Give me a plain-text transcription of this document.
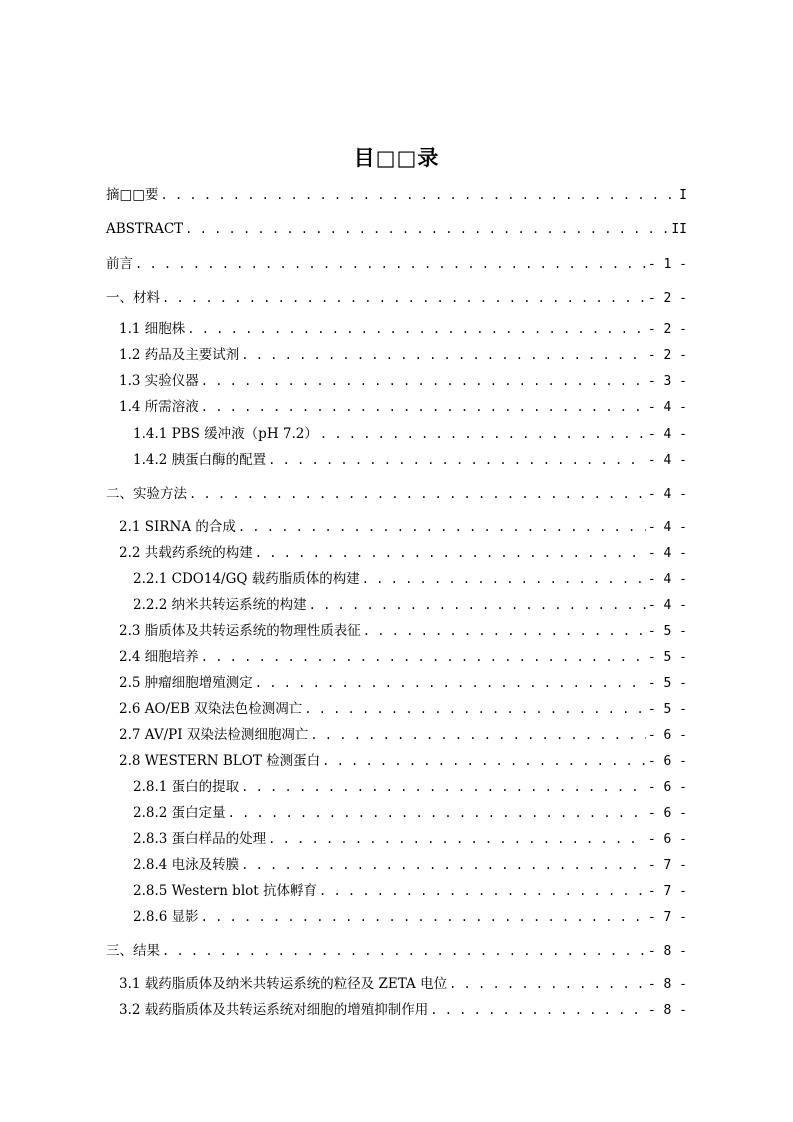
目□□录
摘□□要 . . .	I
ABSTRACT . . .	II
前言 . . .	- 1 -
一、材料 . . .	- 2 -
1.1 细胞株 . . .	- 2 -
1.2 药品及主要试剂 . . .	- 2 -
1.3 实验仪器 . . .	- 3 -
1.4 所需溶液 . . .	- 4 -
1.4.1 PBS 缓冲液（pH 7.2） . . .	- 4 -
1.4.2 胰蛋白酶的配置 . . .	- 4 -
二、实验方法 . . .	- 4 -
2.1 SIRNA 的合成 . . .	- 4 -
2.2 共载药系统的构建 . . .	- 4 -
2.2.1 CDO14/GQ 载药脂质体的构建 . . .	- 4 -
2.2.2 纳米共转运系统的构建 . . .	- 4 -
2.3 脂质体及共转运系统的物理性质表征 . . .	- 5 -
2.4 细胞培养 . . .	- 5 -
2.5 肿瘤细胞增殖测定 . . .	- 5 -
2.6 AO/EB 双染法色检测凋亡 . . .	- 5 -
2.7 AV/PI 双染法检测细胞凋亡 . . .	- 6 -
2.8 WESTERN BLOT 检测蛋白 . . .	- 6 -
2.8.1 蛋白的提取 . . .	- 6 -
2.8.2 蛋白定量 . . .	- 6 -
2.8.3 蛋白样品的处理 . . .	- 6 -
2.8.4 电泳及转膜 . . .	- 7 -
2.8.5 Western blot 抗体孵育 . . .	- 7 -
2.8.6 显影 . . .	- 7 -
三、结果 . . .	- 8 -
3.1 载药脂质体及纳米共转运系统的粒径及 ZETA 电位 . . .	- 8 -
3.2 载药脂质体及共转运系统对细胞的增殖抑制作用 . . .	- 8 -
